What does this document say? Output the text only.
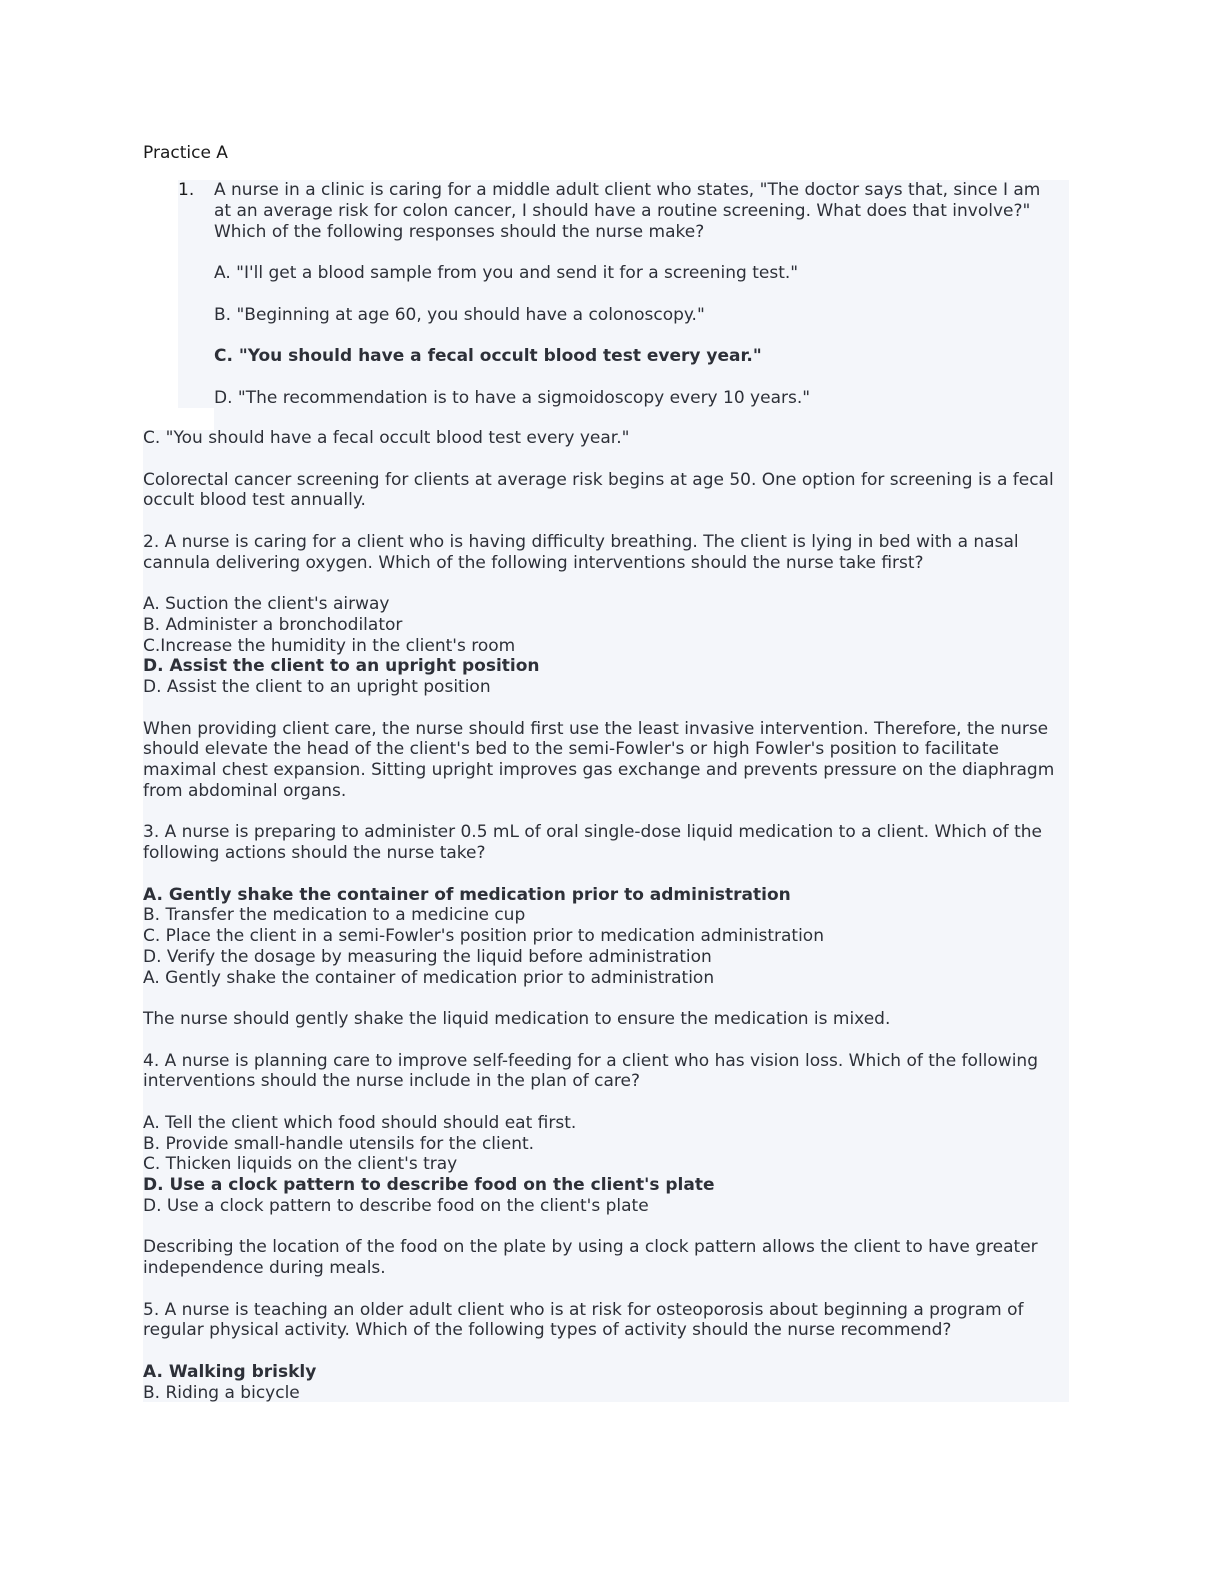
Practice A
1. A nurse in a clinic is caring for a middle adult client who states, "The doctor says that, since I am at an average risk for colon cancer, I should have a routine screening. What does that involve?" Which of the following responses should the nurse make?

A. "I'll get a blood sample from you and send it for a screening test."

B. "Beginning at age 60, you should have a colonoscopy."

C. "You should have a fecal occult blood test every year."

D. "The recommendation is to have a sigmoidoscopy every 10 years."

C. "You should have a fecal occult blood test every year."

Colorectal cancer screening for clients at average risk begins at age 50. One option for screening is a fecal occult blood test annually.

2. A nurse is caring for a client who is having difficulty breathing. The client is lying in bed with a nasal cannula delivering oxygen. Which of the following interventions should the nurse take first?

A. Suction the client's airway

B. Administer a bronchodilator

C.Increase the humidity in the client's room

D. Assist the client to an upright position

D. Assist the client to an upright position

When providing client care, the nurse should first use the least invasive intervention. Therefore, the nurse should elevate the head of the client's bed to the semi-Fowler's or high Fowler's position to facilitate maximal chest expansion. Sitting upright improves gas exchange and prevents pressure on the diaphragm from abdominal organs.

3. A nurse is preparing to administer 0.5 mL of oral single-dose liquid medication to a client. Which of the following actions should the nurse take?

A. Gently shake the container of medication prior to administration

B. Transfer the medication to a medicine cup

C. Place the client in a semi-Fowler's position prior to medication administration

D. Verify the dosage by measuring the liquid before administration

A. Gently shake the container of medication prior to administration

The nurse should gently shake the liquid medication to ensure the medication is mixed.

4. A nurse is planning care to improve self-feeding for a client who has vision loss. Which of the following interventions should the nurse include in the plan of care?

A. Tell the client which food should should eat first.

B. Provide small-handle utensils for the client.

C. Thicken liquids on the client's tray

D. Use a clock pattern to describe food on the client's plate

D. Use a clock pattern to describe food on the client's plate

Describing the location of the food on the plate by using a clock pattern allows the client to have greater independence during meals.

5. A nurse is teaching an older adult client who is at risk for osteoporosis about beginning a program of regular physical activity. Which of the following types of activity should the nurse recommend?

A. Walking briskly

B. Riding a bicycle
